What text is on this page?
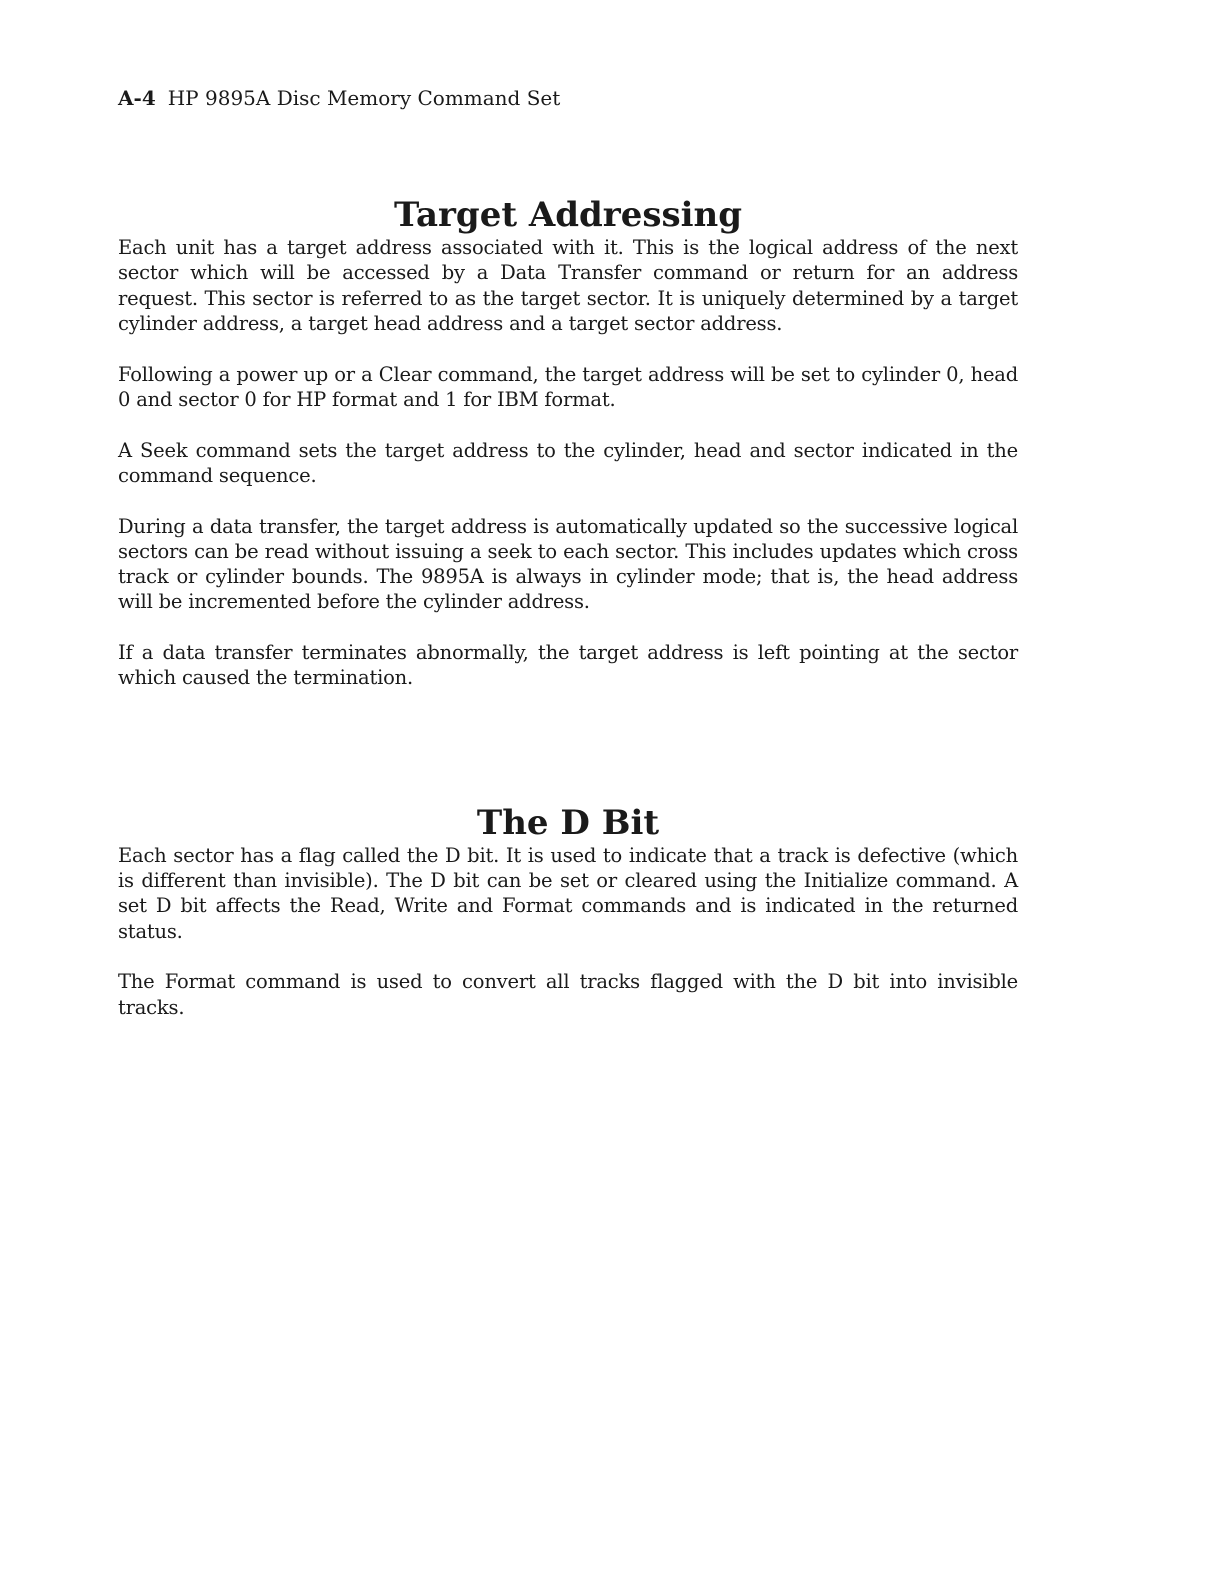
A-4 HP 9895A Disc Memory Command Set
Target Addressing

Each unit has a target address associated with it. This is the logical address of the next sector which will be accessed by a Data Transfer command or return for an address request. This sector is referred to as the target sector. It is uniquely determined by a target cylinder address, a target head address and a target sector address.

Following a power up or a Clear command, the target address will be set to cylinder 0, head 0 and sector 0 for HP format and 1 for IBM format.

A Seek command sets the target address to the cylinder, head and sector indicated in the command sequence.

During a data transfer, the target address is automatically updated so the successive logical sectors can be read without issuing a seek to each sector. This includes updates which cross track or cylinder bounds. The 9895A is always in cylinder mode; that is, the head address will be incremented before the cylinder address.

If a data transfer terminates abnormally, the target address is left pointing at the sector which caused the termination.

The D Bit

Each sector has a flag called the D bit. It is used to indicate that a track is defective (which is different than invisible). The D bit can be set or cleared using the Initialize command. A set D bit affects the Read, Write and Format commands and is indicated in the returned status.

The Format command is used to convert all tracks flagged with the D bit into invisible tracks.
